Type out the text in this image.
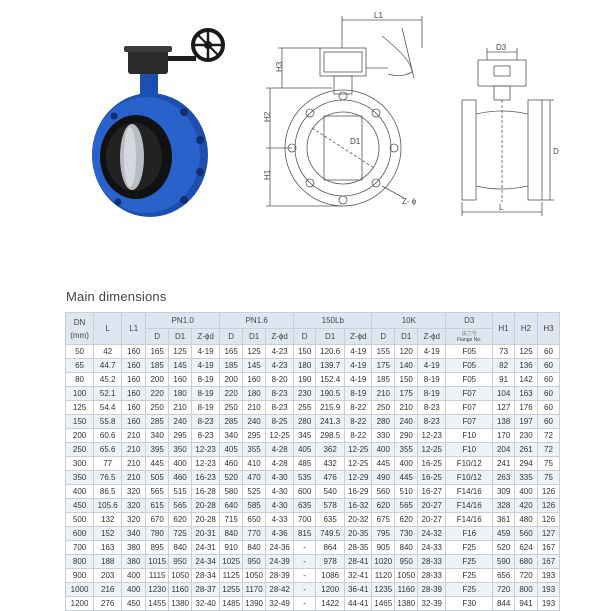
L1
H3
H2
H1
D1
Z- ϕ
D3
D
L
Main dimensions
DN
(mm)	L	L1	PN1.0			PN1.6			150Lb			10K			D3	H1	H2	H3
			D	D1	Z-ϕd	D	D1	Z-ϕd	D	D1	Z-ϕd	D	D1	Z-ϕd	法兰号
Flange No.			

50	42	160	165	125	4-19	165	125	4-23	150	120.6	4-19	155	120	4-19	F05	73	125	60
65	44.7	160	185	145	4-19	185	145	4-23	180	139.7	4-19	175	140	4-19	F05	82	136	60
80	45.2	160	200	160	8-19	200	160	8-20	190	152.4	4-19	185	150	8-19	F05	91	142	60
100	52.1	160	220	180	8-19	220	180	8-23	230	190.5	8-19	210	175	8-19	F07	104	163	60
125	54.4	160	250	210	8-19	250	210	8-23	255	215.9	8-22	250	210	8-23	F07	127	176	60
150	55.8	160	285	240	8-23	285	240	8-25	280	241.3	8-22	280	240	8-23	F07	138	197	60
200	60.6	210	340	295	8-23	340	295	12-25	345	298.5	8-22	330	290	12-23	F10	170	230	72
250	65.6	210	395	350	12-23	405	355	4-28	405	362	12-25	400	355	12-25	F10	204	261	72
300	77	210	445	400	12-23	460	410	4-28	485	432	12-25	445	400	16-25	F10/12	241	294	75
350	76.5	210	505	460	16-23	520	470	4-30	535	476	12-29	490	445	16-25	F10/12	263	335	75
400	86.5	320	565	515	16-28	580	525	4-30	600	540	16-29	560	510	16-27	F14/16	309	400	126
450	105.6	320	615	565	20-28	640	585	4-30	635	578	16-32	620	565	20-27	F14/16	328	420	126
500	132	320	670	620	20-28	715	650	4-33	700	635	20-32	675	620	20-27	F14/16	361	480	126
600	152	340	780	725	20-31	840	770	4-36	815	749.5	20-35	795	730	24-32	F16	459	560	127
700	163	380	895	840	24-31	910	840	24-36	-	864	28-35	905	840	24-33	F25	520	624	167
800	188	380	1015	950	24-34	1025	950	24-39	-	978	28-41	1020	950	28-33	F25	590	680	167
900	203	400	1115	1050	28-34	1125	1050	28-39	-	1086	32-41	1120	1050	28-33	F25	656	720	193
1000	216	400	1230	1160	28-37	1255	1170	28-42	-	1200	36-41	1235	1160	28-39	F25	720	800	193
1200	276	450	1455	1380	32-40	1485	1390	32-49	-	1422	44-41	1465	1380	32-39	F30	844	941	193
